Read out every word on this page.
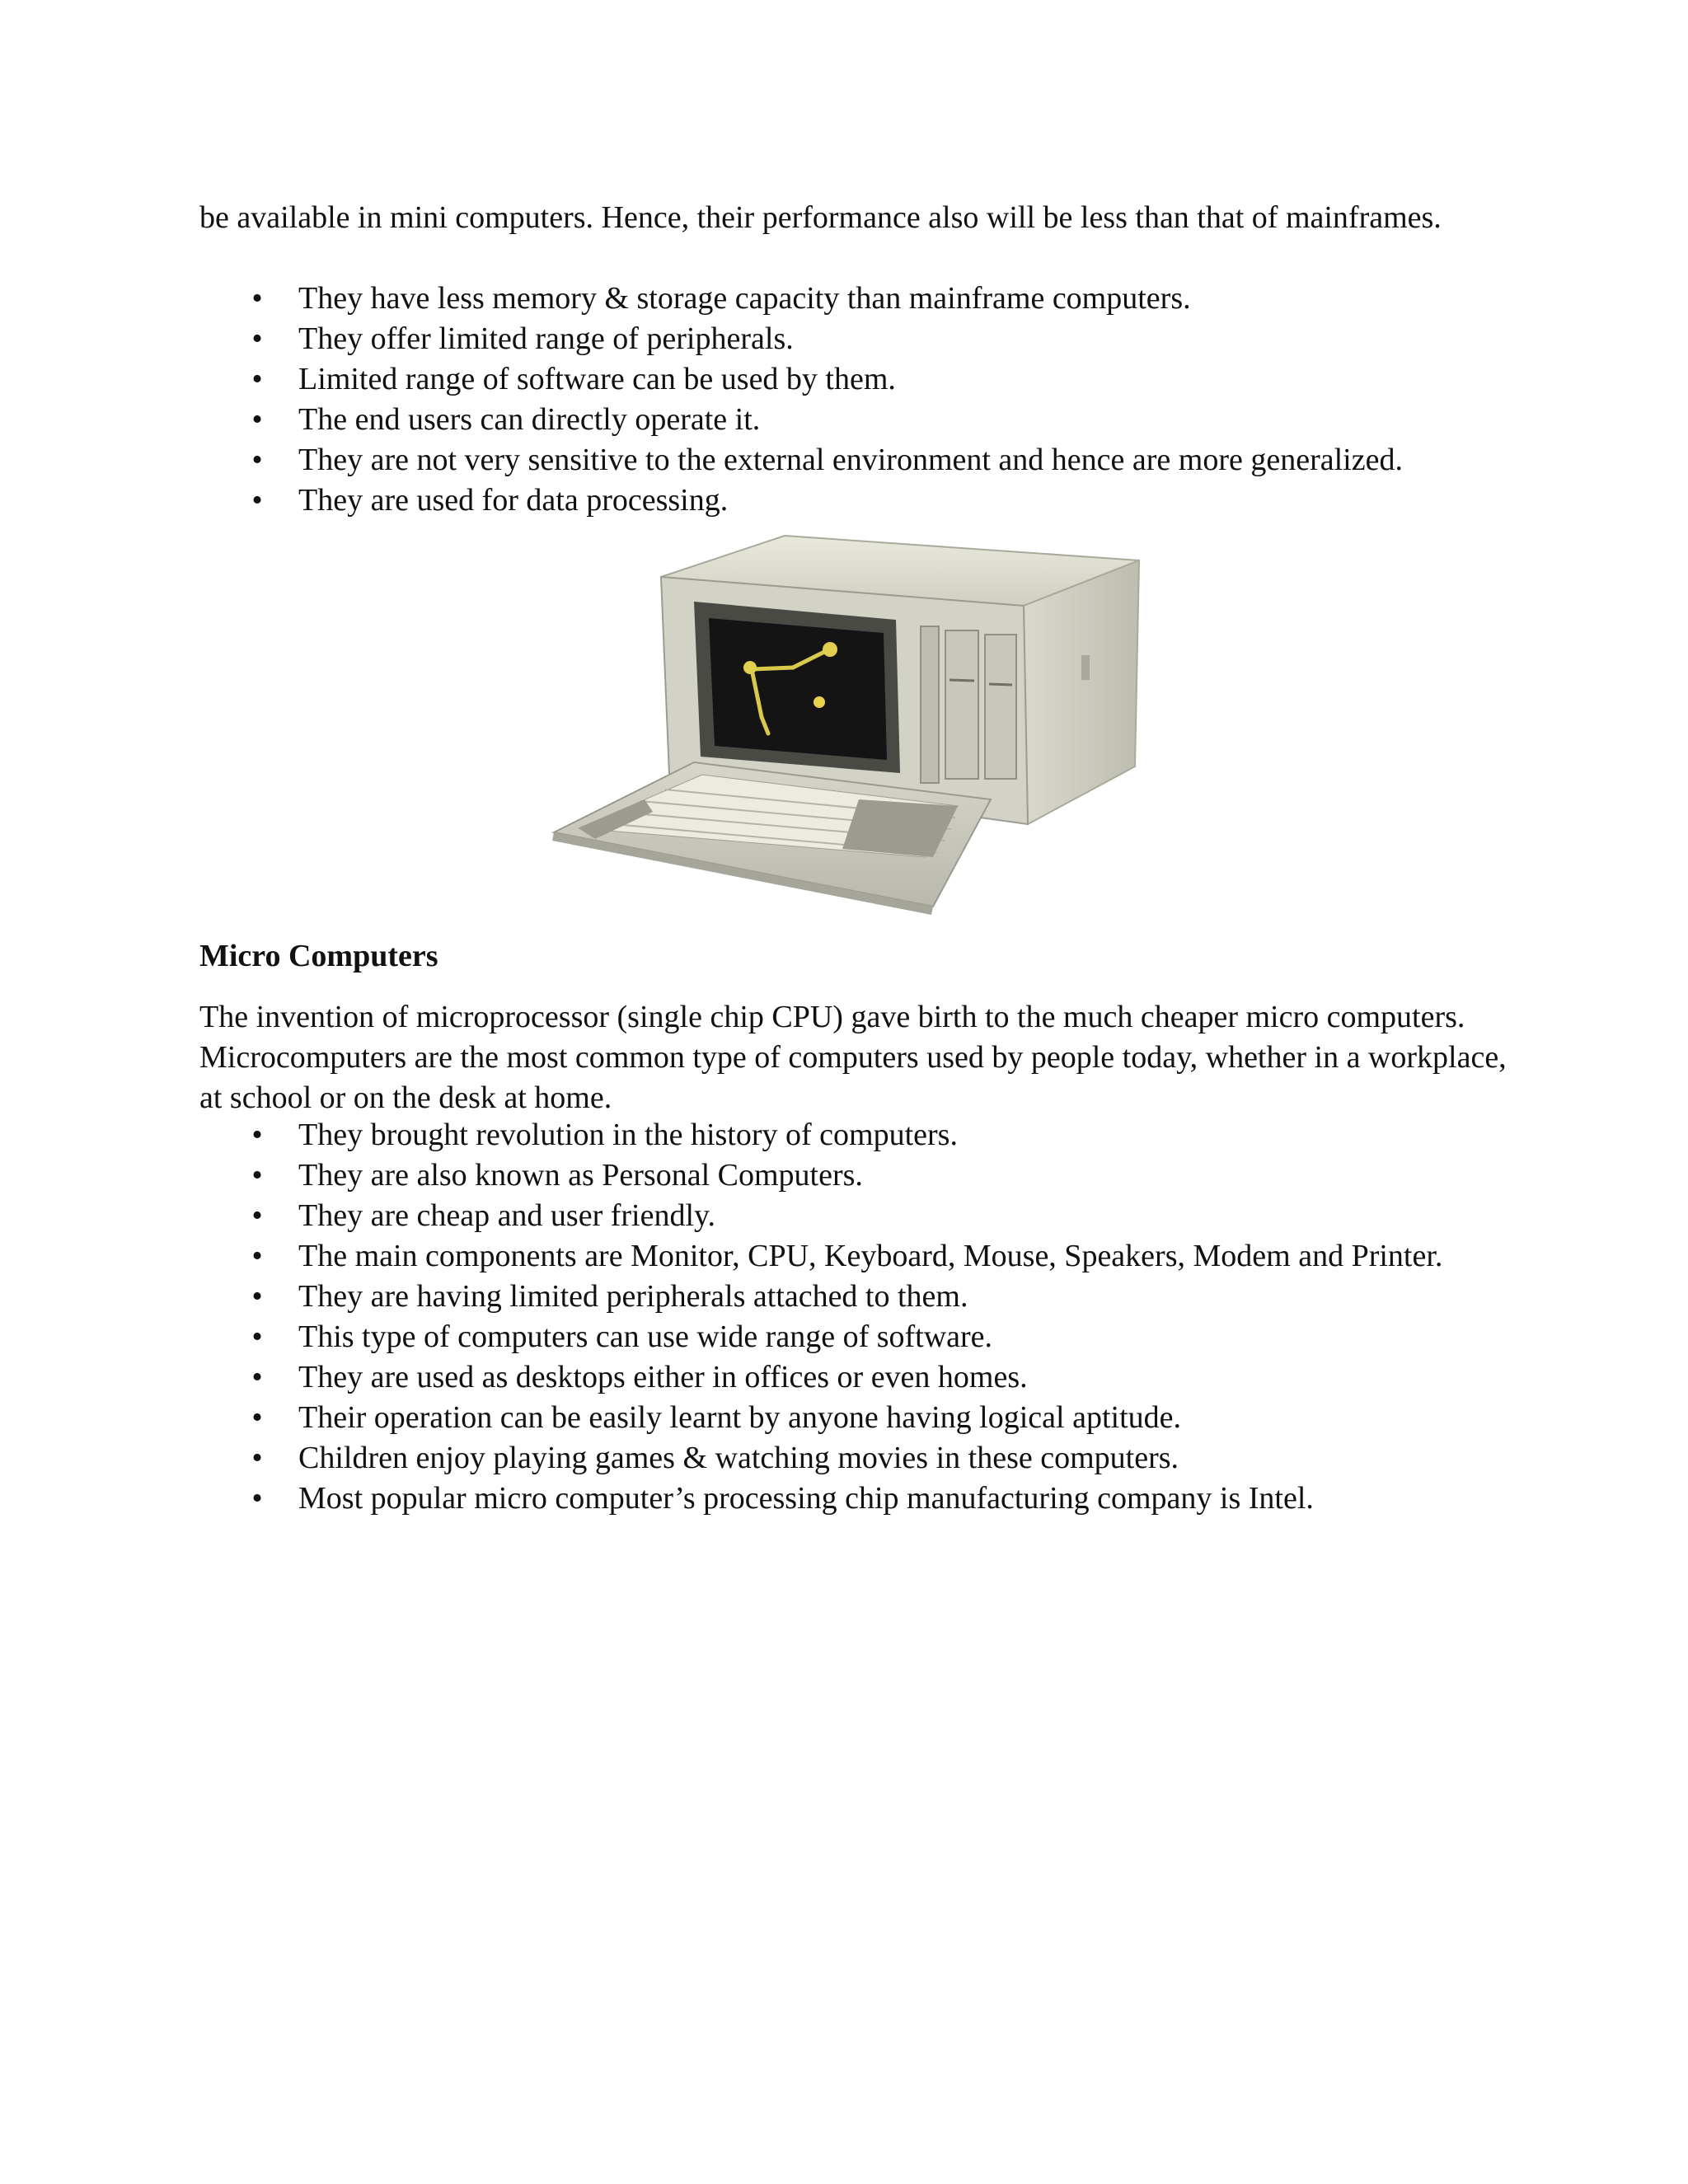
be available in mini computers. Hence, their performance also will be less than that of mainframes.

• They have less memory & storage capacity than mainframe computers.
• They offer limited range of peripherals.
• Limited range of software can be used by them.
• The end users can directly operate it.
• They are not very sensitive to the external environment and hence are more generalized.
• They are used for data processing.

Micro Computers

The invention of microprocessor (single chip CPU) gave birth to the much cheaper micro computers. Microcomputers are the most common type of computers used by people today, whether in a workplace, at school or on the desk at home.

• They brought revolution in the history of computers.
• They are also known as Personal Computers.
• They are cheap and user friendly.
• The main components are Monitor, CPU, Keyboard, Mouse, Speakers, Modem and Printer.
• They are having limited peripherals attached to them.
• This type of computers can use wide range of software.
• They are used as desktops either in offices or even homes.
• Their operation can be easily learnt by anyone having logical aptitude.
• Children enjoy playing games & watching movies in these computers.
• Most popular micro computer’s processing chip manufacturing company is Intel.
